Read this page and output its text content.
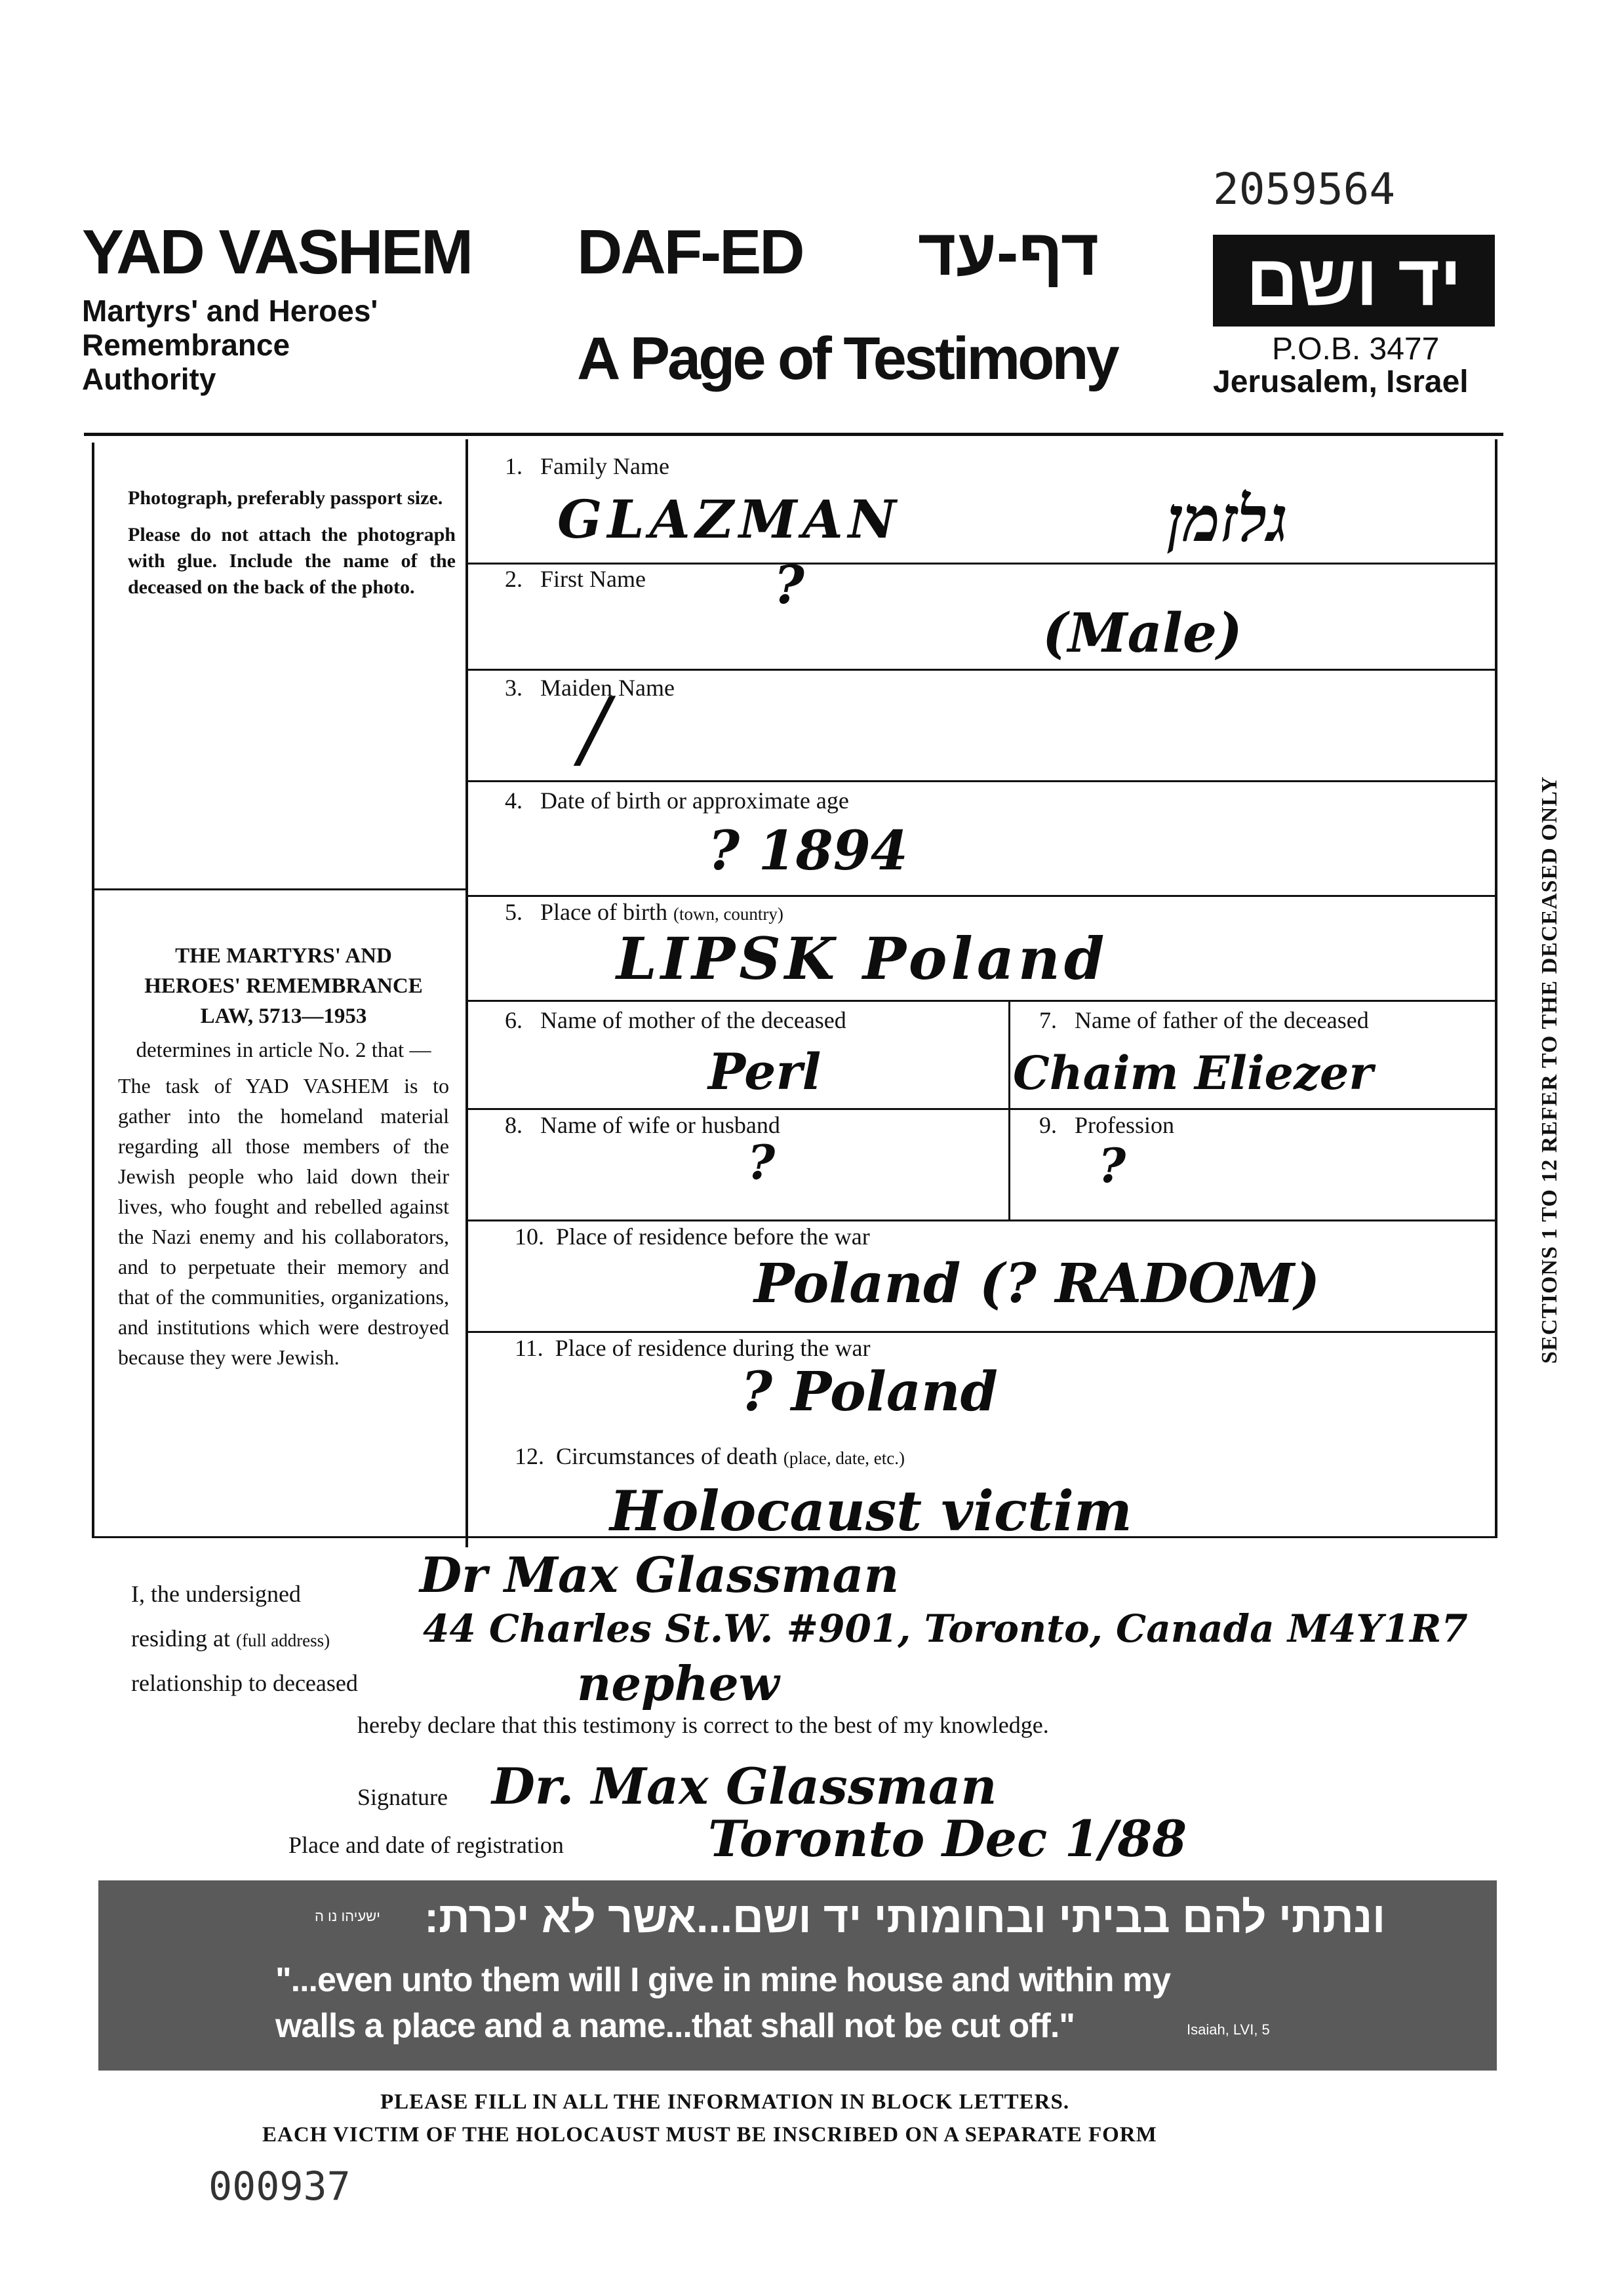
2059564
YAD VASHEM
Martyrs' and Heroes'
Remembrance
Authority
DAF-ED דף-עד
A Page of Testimony
יד ושם
P.O.B. 3477
Jerusalem, Israel

Photograph, preferably passport size.

Please do not attach the photograph with glue. Include the name of the deceased on the back of the photo.

THE MARTYRS' AND

HEROES' REMEMBRANCE

LAW, 5713—1953

determines in article No. 2 that —

The task of YAD VASHEM is to gather into the homeland material regarding all those members of the Jewish people who laid down their lives, who fought and rebelled against the Nazi enemy and his collaborators, and to perpetuate their memory and that of the communities, organizations, and institutions which were destroyed because they were Jewish.

1. Family Name
GLAZMAN	גלזמן
2. First Name ?
(Male)
3. Maiden Name
/
4. Date of birth or approximate age
? 1894
5. Place of birth (town, country)
LIPSK Poland
6. Name of mother of the deceased
Perl
7. Name of father of the deceased
Chaim Eliezer
8. Name of wife or husband
?
9. Profession
?
10. Place of residence before the war
Poland (? RADOM)
11. Place of residence during the war
? Poland
12. Circumstances of death (place, date, etc.)
Holocaust victim
SECTIONS 1 TO 12 REFER TO THE DECEASED ONLY
I, the undersigned Dr Max Glassman
residing at (full address) 44 Charles St.W. #901, Toronto, Canada M4Y1R7
relationship to deceased	nephew
hereby declare that this testimony is correct to the best of my knowledge.
Signature Dr. Max Glassman
Place and date of registration	Toronto Dec 1/88
ונתתי להם בביתי ובחומותי יד ושם...אשר לא יכרת:
ישעיהו נו ה
"...even unto them will I give in mine house and within my
walls a place and a name...that shall not be cut off."	Isaiah, LVI, 5
PLEASE FILL IN ALL THE INFORMATION IN BLOCK LETTERS.
EACH VICTIM OF THE HOLOCAUST MUST BE INSCRIBED ON A SEPARATE FORM
000937
